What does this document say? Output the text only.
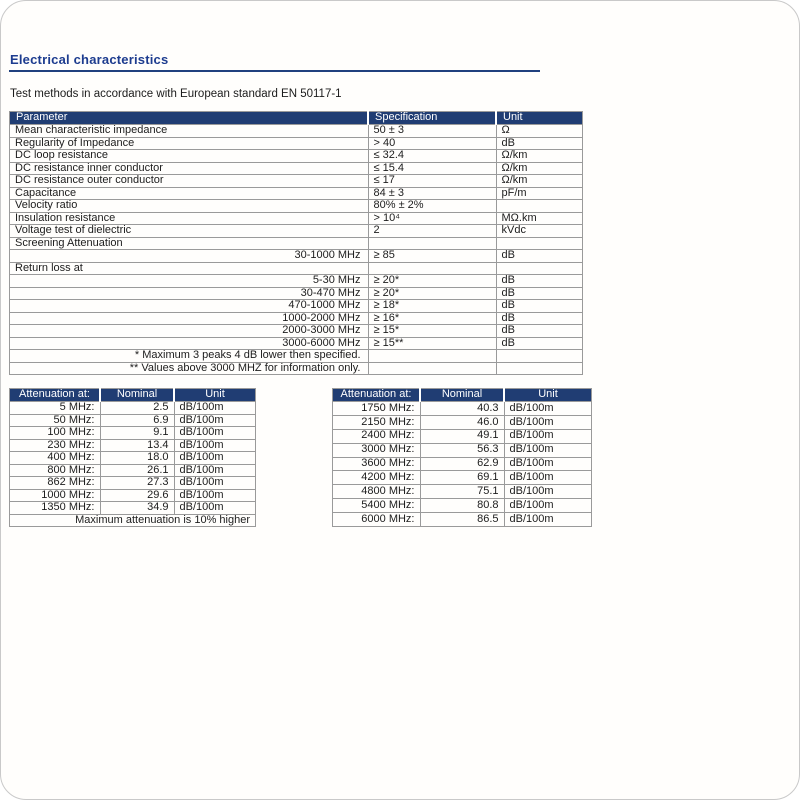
Electrical characteristics

Test methods in accordance with European standard EN 50117-1

Parameter	Specification	Unit
Mean characteristic impedance	50 ± 3	Ω
Regularity of Impedance	> 40	dB
DC loop resistance	≤ 32.4	Ω/km
DC resistance inner conductor	≤ 15.4	Ω/km
DC resistance outer conductor	≤ 17	Ω/km
Capacitance	84 ± 3	pF/m
Velocity ratio	80% ± 2%	
Insulation resistance	> 10⁴	MΩ.km
Voltage test of dielectric	2	kVdc
Screening Attenuation		
30-1000 MHz	≥ 85	dB
Return loss at		
5-30 MHz	≥ 20*	dB
30-470 MHz	≥ 20*	dB
470-1000 MHz	≥ 18*	dB
1000-2000 MHz	≥ 16*	dB
2000-3000 MHz	≥ 15*	dB
3000-6000 MHz	≥ 15**	dB
* Maximum 3 peaks 4 dB lower then specified.		
** Values above 3000 MHZ for information only.		
Attenuation at:	Nominal	Unit
5 MHz:	2.5	dB/100m
50 MHz:	6.9	dB/100m
100 MHz:	9.1	dB/100m
230 MHz:	13.4	dB/100m
400 MHz:	18.0	dB/100m
800 MHz:	26.1	dB/100m
862 MHz:	27.3	dB/100m
1000 MHz:	29.6	dB/100m
1350 MHz:	34.9	dB/100m
Maximum attenuation is 10% higher		
Attenuation at:	Nominal	Unit
1750 MHz:	40.3	dB/100m
2150 MHz:	46.0	dB/100m
2400 MHz:	49.1	dB/100m
3000 MHz:	56.3	dB/100m
3600 MHz:	62.9	dB/100m
4200 MHz:	69.1	dB/100m
4800 MHz:	75.1	dB/100m
5400 MHz:	80.8	dB/100m
6000 MHz:	86.5	dB/100m
